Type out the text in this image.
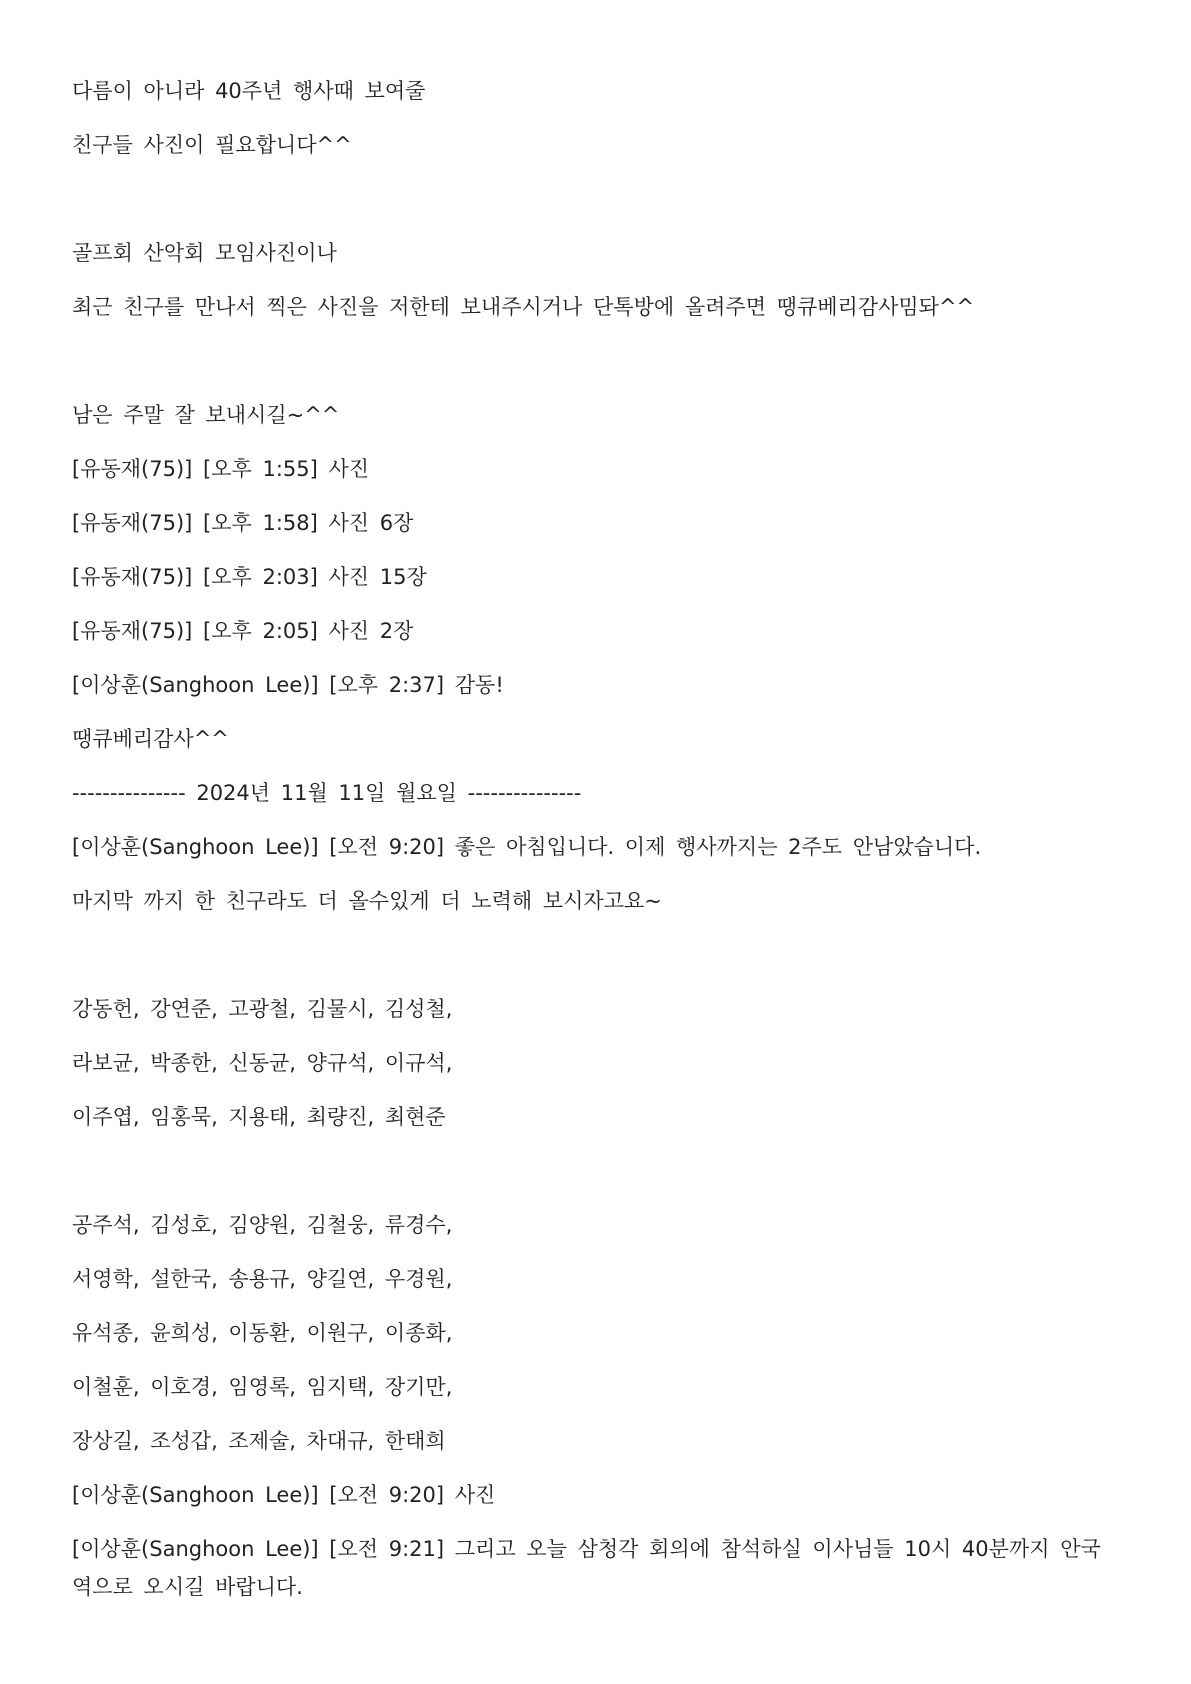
다름이 아니라 40주년 행사때 보여줄
친구들 사진이 필요합니다^^
골프회 산악회 모임사진이나
최근 친구를 만나서 찍은 사진을 저한테 보내주시거나 단톡방에 올려주면 땡큐베리감사밈돠^^
남은 주말 잘 보내시길~^^
[유동재(75)] [오후 1:55] 사진
[유동재(75)] [오후 1:58] 사진 6장
[유동재(75)] [오후 2:03] 사진 15장
[유동재(75)] [오후 2:05] 사진 2장
[이상훈(Sanghoon Lee)] [오후 2:37] 감동!
땡큐베리감사^^
--------------- 2024년 11월 11일 월요일 ---------------
[이상훈(Sanghoon Lee)] [오전 9:20] 좋은 아침입니다. 이제 행사까지는 2주도 안남았습니다.
마지막 까지 한 친구라도 더 올수있게 더 노력해 보시자고요~
강동헌, 강연준, 고광철, 김물시, 김성철,
라보균, 박종한, 신동균, 양규석, 이규석,
이주엽, 임홍묵, 지용태, 최량진, 최현준
공주석, 김성호, 김양원, 김철웅, 류경수,
서영학, 설한국, 송용규, 양길연, 우경원,
유석종, 윤희성, 이동환, 이원구, 이종화,
이철훈, 이호경, 임영록, 임지택, 장기만,
장상길, 조성갑, 조제술, 차대규, 한태희
[이상훈(Sanghoon Lee)] [오전 9:20] 사진
[이상훈(Sanghoon Lee)] [오전 9:21] 그리고 오늘 삼청각 회의에 참석하실 이사님들 10시 40분까지 안국역으로 오시길 바랍니다.
